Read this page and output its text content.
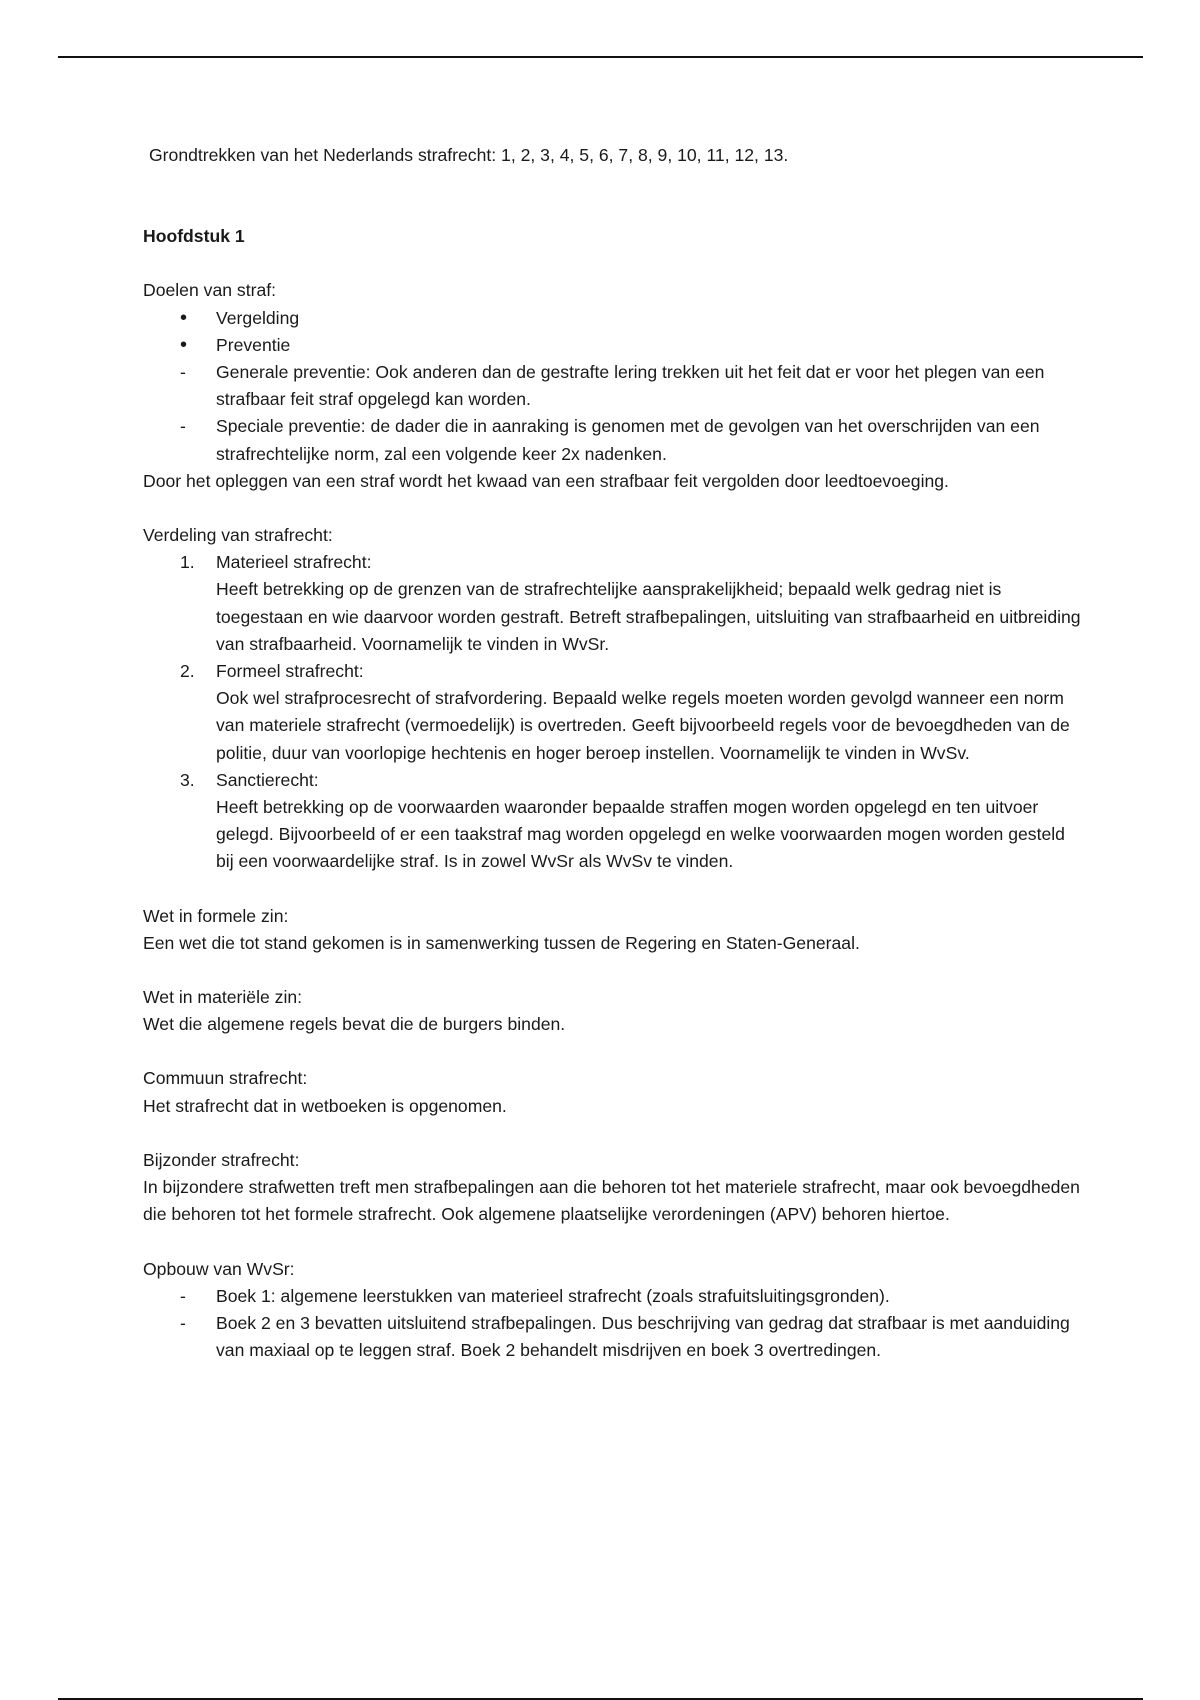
Grondtrekken van het Nederlands strafrecht: 1, 2, 3, 4, 5, 6, 7, 8, 9, 10, 11, 12, 13.

Hoofdstuk 1

Doelen van straf:

•
Vergelding
•
Preventie
-
Generale preventie: Ook anderen dan de gestrafte lering trekken uit het feit dat er voor het plegen van een strafbaar feit straf opgelegd kan worden.
-
Speciale preventie: de dader die in aanraking is genomen met de gevolgen van het overschrijden van een strafrechtelijke norm, zal een volgende keer 2x nadenken.

Door het opleggen van een straf wordt het kwaad van een strafbaar feit vergolden door leedtoevoeging.

Verdeling van strafrecht:

1.	Materieel strafrecht:
Heeft betrekking op de grenzen van de strafrechtelijke aansprakelijkheid; bepaald welk gedrag niet is toegestaan en wie daarvoor worden gestraft. Betreft strafbepalingen, uitsluiting van strafbaarheid en uitbreiding van strafbaarheid. Voornamelijk te vinden in WvSr.
2.	Formeel strafrecht:
Ook wel strafprocesrecht of strafvordering. Bepaald welke regels moeten worden gevolgd wanneer een norm van materiele strafrecht (vermoedelijk) is overtreden. Geeft bijvoorbeeld regels voor de bevoegdheden van de politie, duur van voorlopige hechtenis en hoger beroep instellen. Voornamelijk te vinden in WvSv.
3.	Sanctierecht:
Heeft betrekking op de voorwaarden waaronder bepaalde straffen mogen worden opgelegd en ten uitvoer gelegd. Bijvoorbeeld of er een taakstraf mag worden opgelegd en welke voorwaarden mogen worden gesteld bij een voorwaardelijke straf. Is in zowel WvSr als WvSv te vinden.

Wet in formele zin:

Een wet die tot stand gekomen is in samenwerking tussen de Regering en Staten-Generaal.

Wet in materiële zin:

Wet die algemene regels bevat die de burgers binden.

Commuun strafrecht:

Het strafrecht dat in wetboeken is opgenomen.

Bijzonder strafrecht:

In bijzondere strafwetten treft men strafbepalingen aan die behoren tot het materiele strafrecht, maar ook bevoegdheden die behoren tot het formele strafrecht. Ook algemene plaatselijke verordeningen (APV) behoren hiertoe.

Opbouw van WvSr:

-
Boek 1: algemene leerstukken van materieel strafrecht (zoals strafuitsluitingsgronden).
-
Boek 2 en 3 bevatten uitsluitend strafbepalingen. Dus beschrijving van gedrag dat strafbaar is met aanduiding van maxiaal op te leggen straf. Boek 2 behandelt misdrijven en boek 3 overtredingen.
